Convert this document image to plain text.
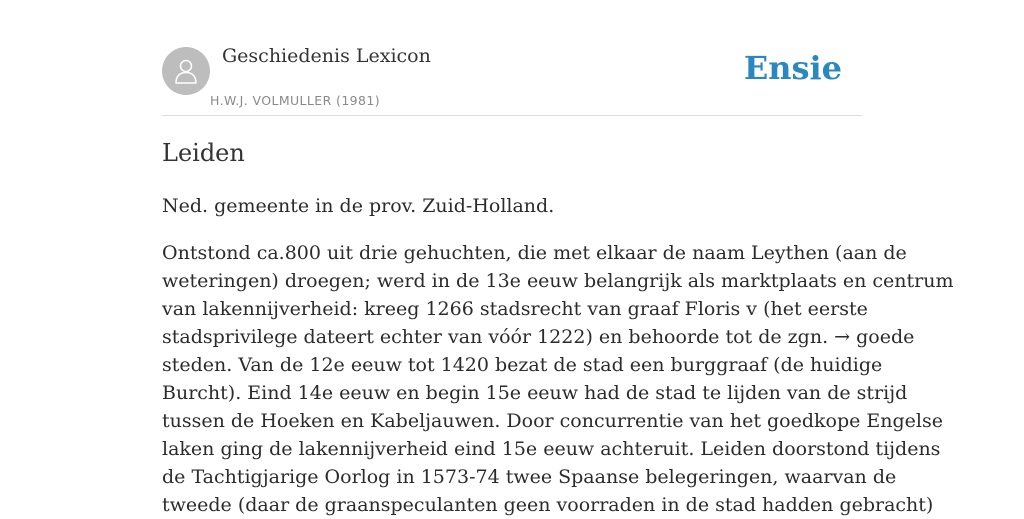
Geschiedenis Lexicon
H.W.J. VOLMULLER (1981)
Ensie
Leiden

Ned. gemeente in de prov. Zuid-Holland.

Ontstond ca.800 uit drie gehuchten, die met elkaar de naam Leythen (aan de
weteringen) droegen; werd in de 13e eeuw belangrijk als marktplaats en centrum
van lakennijverheid: kreeg 1266 stadsrecht van graaf Floris v (het eerste
stadsprivilege dateert echter van vóór 1222) en behoorde tot de zgn. → goede
steden. Van de 12e eeuw tot 1420 bezat de stad een burggraaf (de huidige
Burcht). Eind 14e eeuw en begin 15e eeuw had de stad te lijden van de strijd
tussen de Hoeken en Kabeljauwen. Door concurrentie van het goedkope Engelse
laken ging de lakennijverheid eind 15e eeuw achteruit. Leiden doorstond tijdens
de Tachtigjarige Oorlog in 1573-74 twee Spaanse belegeringen, waarvan de
tweede (daar de graanspeculanten geen voorraden in de stad hadden gebracht)
